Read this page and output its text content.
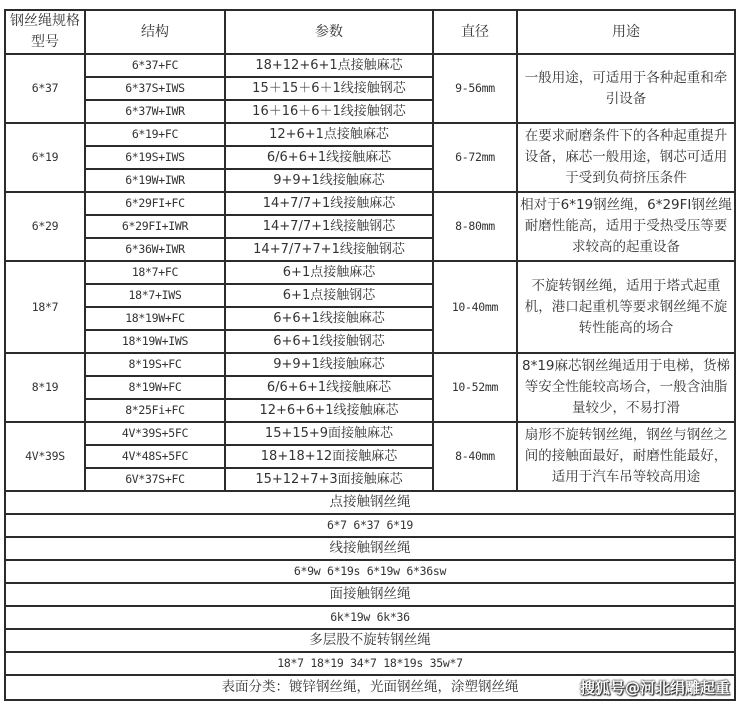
钢丝绳规格型号	结构	参数	直径	用途
6*37	6*37+FC	18+12+6+1点接触麻芯	9-56mm	一般用途，可适用于各种起重和牵引设备
	6*37S+IWS	15＋15＋6＋1线接触钢芯		
	6*37W+IWR	16＋16＋6＋1线接触钢芯		
6*19	6*19+FC	12+6+1点接触麻芯	6-72mm	在要求耐磨条件下的各种起重提升设备，麻芯一般用途，钢芯可适用于受到负荷挤压条件
	6*19S+IWS	6/6+6+1线接触麻芯		
	6*19W+IWR	9+9+1线接触麻芯		
6*29	6*29FI+FC	14+7/7+1线接触麻芯	8-80mm	相对于6*19钢丝绳，6*29FI钢丝绳耐磨性能高，适用于受热受压等要求较高的起重设备
	6*29FI+IWR	14+7/7+1线接触钢芯		
	6*36W+IWR	14+7/7+7+1线接触钢芯		
18*7	18*7+FC	6+1点接触麻芯	10-40mm	不旋转钢丝绳，适用于塔式起重机，港口起重机等要求钢丝绳不旋转性能高的场合
	18*7+IWS	6+1点接触钢芯		
	18*19W+FC	6+6+1线接触麻芯		
	18*19W+IWS	6+6+1线接触钢芯		
8*19	8*19S+FC	9+9+1线接触麻芯	10-52mm	8*19麻芯钢丝绳适用于电梯，货梯等安全性能较高场合，一般含油脂量较少，不易打滑
	8*19W+FC	6/6+6+1线接触麻芯		
	8*25Fi+FC	12+6+6+1线接触麻芯		
4V*39S	4V*39S+5FC	15+15+9面接触麻芯	8-40mm	扇形不旋转钢丝绳，钢丝与钢丝之间的接触面最好，耐磨性能最好，适用于汽车吊等较高用途
	4V*48S+5FC	18+18+12面接触麻芯		
	6V*37S+FC	15+12+7+3面接触麻芯		
点接触钢丝绳				
6*7 6*37 6*19				
线接触钢丝绳				
6*9w 6*19s 6*19w 6*36sw				
面接触钢丝绳				
6k*19w 6k*36				
多层股不旋转钢丝绳				
18*7 18*19 34*7 18*19s 35w*7				
表面分类：镀锌钢丝绳，光面钢丝绳，涂塑钢丝绳 搜狐号@河北绢雕起重				
